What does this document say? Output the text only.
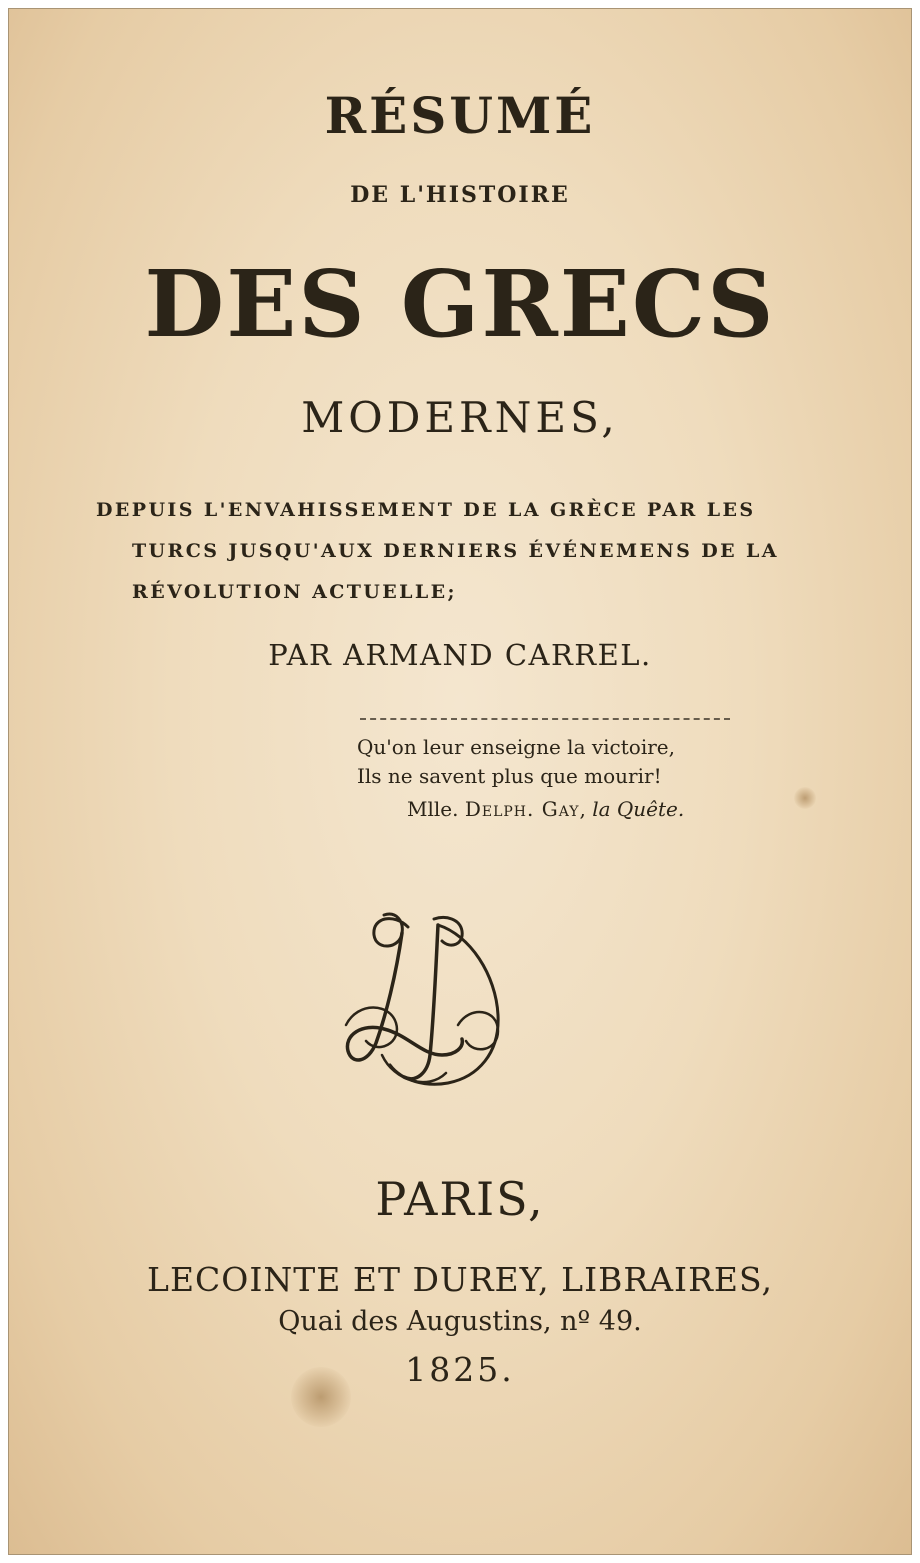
RÉSUMÉ
DE L'HISTOIRE
DES GRECS
MODERNES,
DEPUIS L'ENVAHISSEMENT DE LA GRÈCE PAR LES
TURCS JUSQU'AUX DERNIERS ÉVÉNEMENS DE LA
RÉVOLUTION ACTUELLE;
PAR ARMAND CARREL.
Qu'on leur enseigne la victoire,
Ils ne savent plus que mourir!
Mlle. Delph. Gay, la Quête.
PARIS,
LECOINTE ET DUREY, LIBRAIRES,
Quai des Augustins, nº 49.
1825.
